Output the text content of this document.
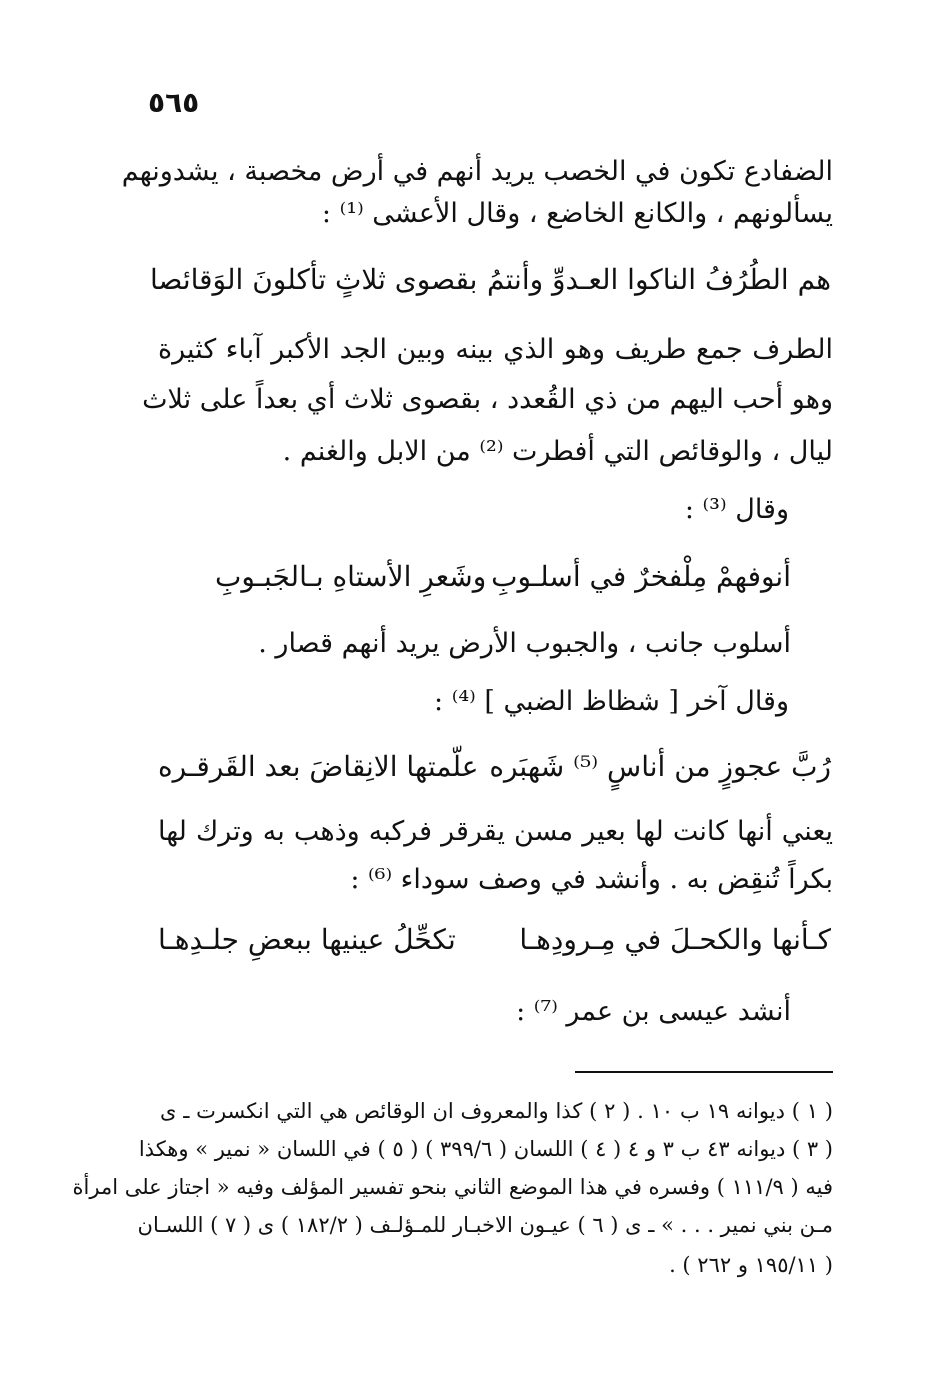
٥٦٥
الضفادع تكون في الخصب يريد أنهم في أرض مخصبة ، يشدونهم
يسألونهم ، والكانع الخاضع ، وقال الأعشى ⁽¹⁾ :
هم الطُرُفُ الناكوا العـدوِّ وأنتمُ
بقصوى ثلاثٍ تأكلونَ الوَقائصا
الطرف جمع طريف وهو الذي بينه وبين الجد الأكبر آباء كثيرة
وهو أحب اليهم من ذي القُعدد ، بقصوى ثلاث أي بعداً على ثلاث
ليال ، والوقائص التي أفطرت ⁽²⁾ من الابل والغنم .
وقال ⁽³⁾ :
أنوفهمْ مِلْفخرٌ في أسلـوبِ
وشَعرِ الأستاهِ بـالجَبـوبِ
أسلوب جانب ، والجبوب الأرض يريد أنهم قصار .
وقال آخر [ شظاظ الضبي ] ⁽⁴⁾ :
رُبَّ عجوزٍ من أناسٍ ⁽⁵⁾ شَهبَره
علّمتها الانِقاضَ بعد القَرقـره
يعني أنها كانت لها بعير مسن يقرقر فركبه وذهب به وترك لها
بكراً تُنقِض به . وأنشد في وصف سوداء ⁽⁶⁾ :
كـأنها والكحـلَ في مِـرودِهـا
تكحِّلُ عينيها ببعضِ جلـدِهـا
أنشد عيسى بن عمر ⁽⁷⁾ :
( ١ ) ديوانه ١٩ ب ١٠ . ( ٢ ) كذا والمعروف ان الوقائص هي التي انكسرت ـ ى
( ٣ ) ديوانه ٤٣ ب ٣ و ٤ ( ٤ ) اللسان ( ٣٩٩/٦ ) ( ٥ ) في اللسان « نمير » وهكذا
فيه ( ١١١/٩ ) وفسره في هذا الموضع الثاني بنحو تفسير المؤلف وفيه « اجتاز على امرأة
مـن بني نمير . . . » ـ ى ( ٦ ) عيـون الاخبـار للمـؤلـف ( ١٨٢/٢ ) ى ( ٧ ) اللسـان
( ١٩٥/١١ و ٢٦٢ ) .
